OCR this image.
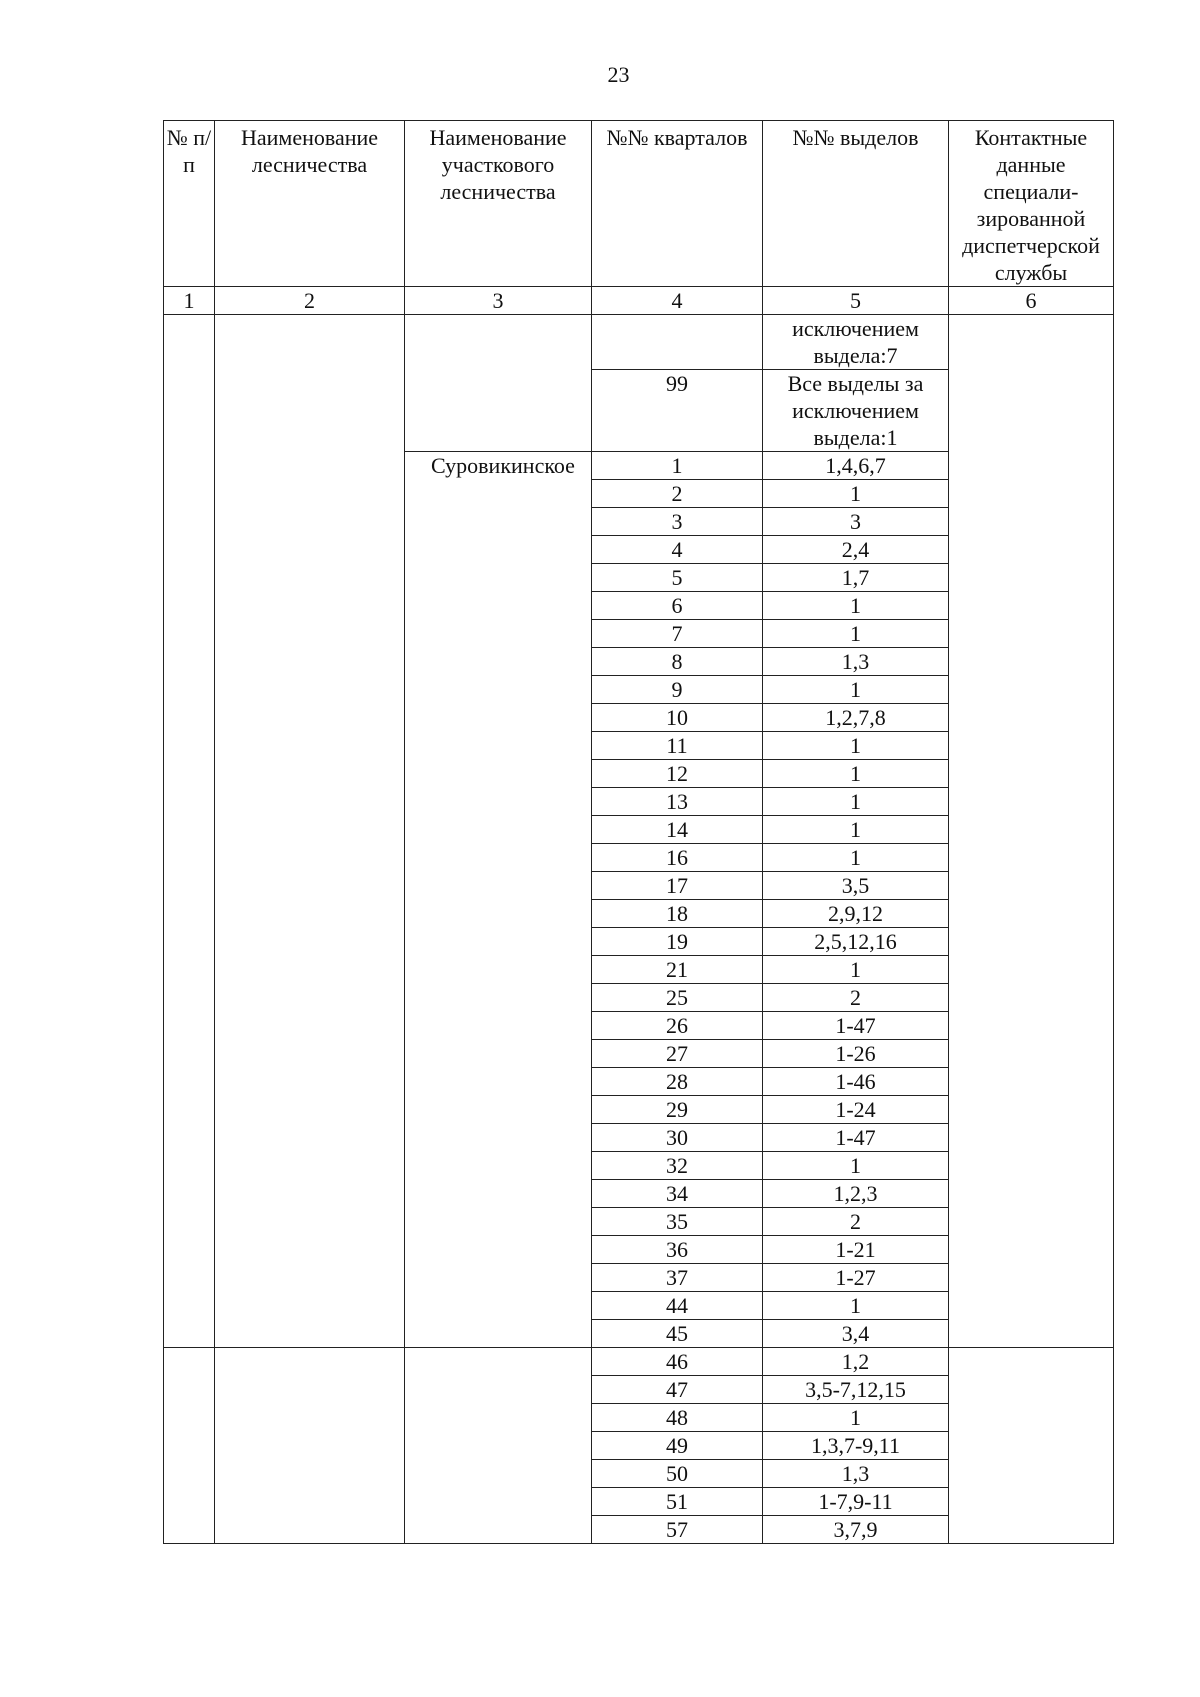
23
№ п/п	Наименование лесничества	Наименование участкового лесничества	№№ кварталов	№№ выделов	Контактные данные специали-зированной диспетчерской службы
1	2	3	4	5	6
				исключением выдела:7	
			99	Все выделы за исключением выдела:1	
		Суровикинское	1	1,4,6,7	
			2	1	
			3	3	
			4	2,4	
			5	1,7	
			6	1	
			7	1	
			8	1,3	
			9	1	
			10	1,2,7,8	
			11	1	
			12	1	
			13	1	
			14	1	
			16	1	
			17	3,5	
			18	2,9,12	
			19	2,5,12,16	
			21	1	
			25	2	
			26	1-47	
			27	1-26	
			28	1-46	
			29	1-24	
			30	1-47	
			32	1	
			34	1,2,3	
			35	2	
			36	1-21	
			37	1-27	
			44	1	
			45	3,4	
			46	1,2	
			47	3,5-7,12,15	
			48	1	
			49	1,3,7-9,11	
			50	1,3	
			51	1-7,9-11	
			57	3,7,9	
